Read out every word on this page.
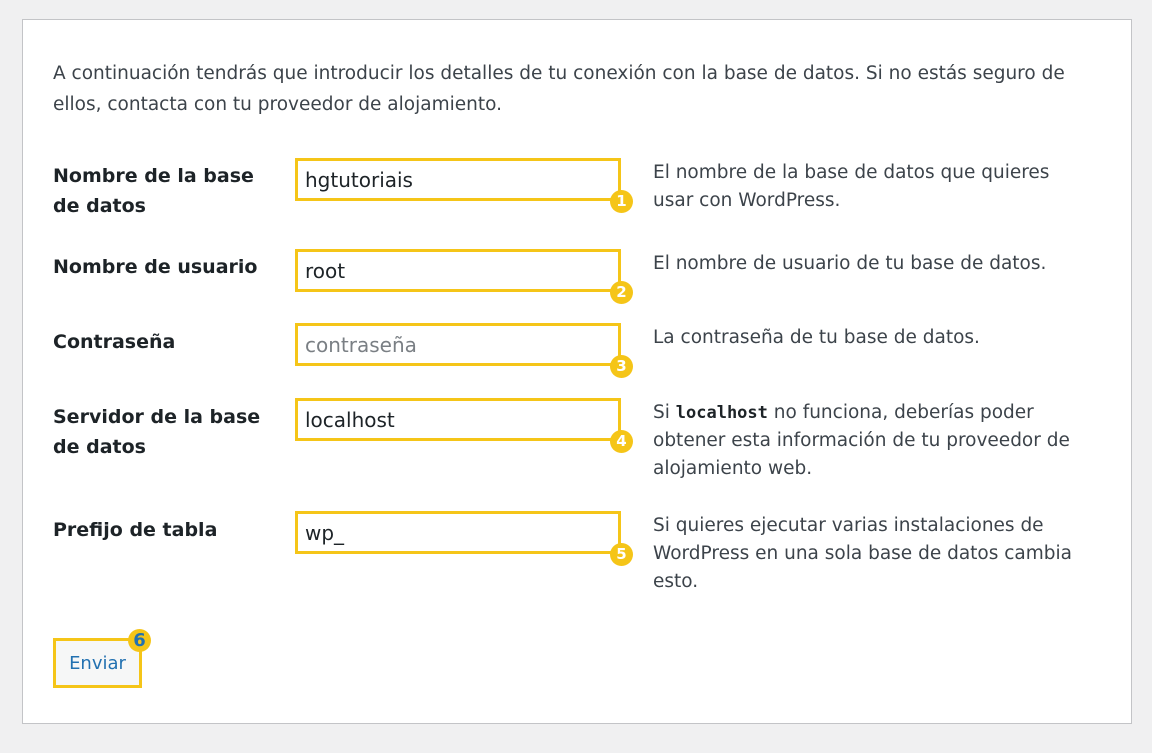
A continuación tendrás que introducir los detalles de tu conexión con la base de datos. Si no estás seguro de ellos, contacta con tu proveedor de alojamiento.

Nombre de la base de datos
hgtutoriais	1
El nombre de la base de datos que quieres usar con WordPress.
Nombre de usuario
root
2
El nombre de usuario de tu base de datos.
Contraseña
contraseña
3
La contraseña de tu base de datos.
Servidor de la base de datos
localhost	4
Si localhost no funciona, deberías poder obtener esta información de tu proveedor de alojamiento web.
Prefijo de tabla
wp_
5
Si quieres ejecutar varias instalaciones de WordPress en una sola base de datos cambia esto.
Enviar
6
